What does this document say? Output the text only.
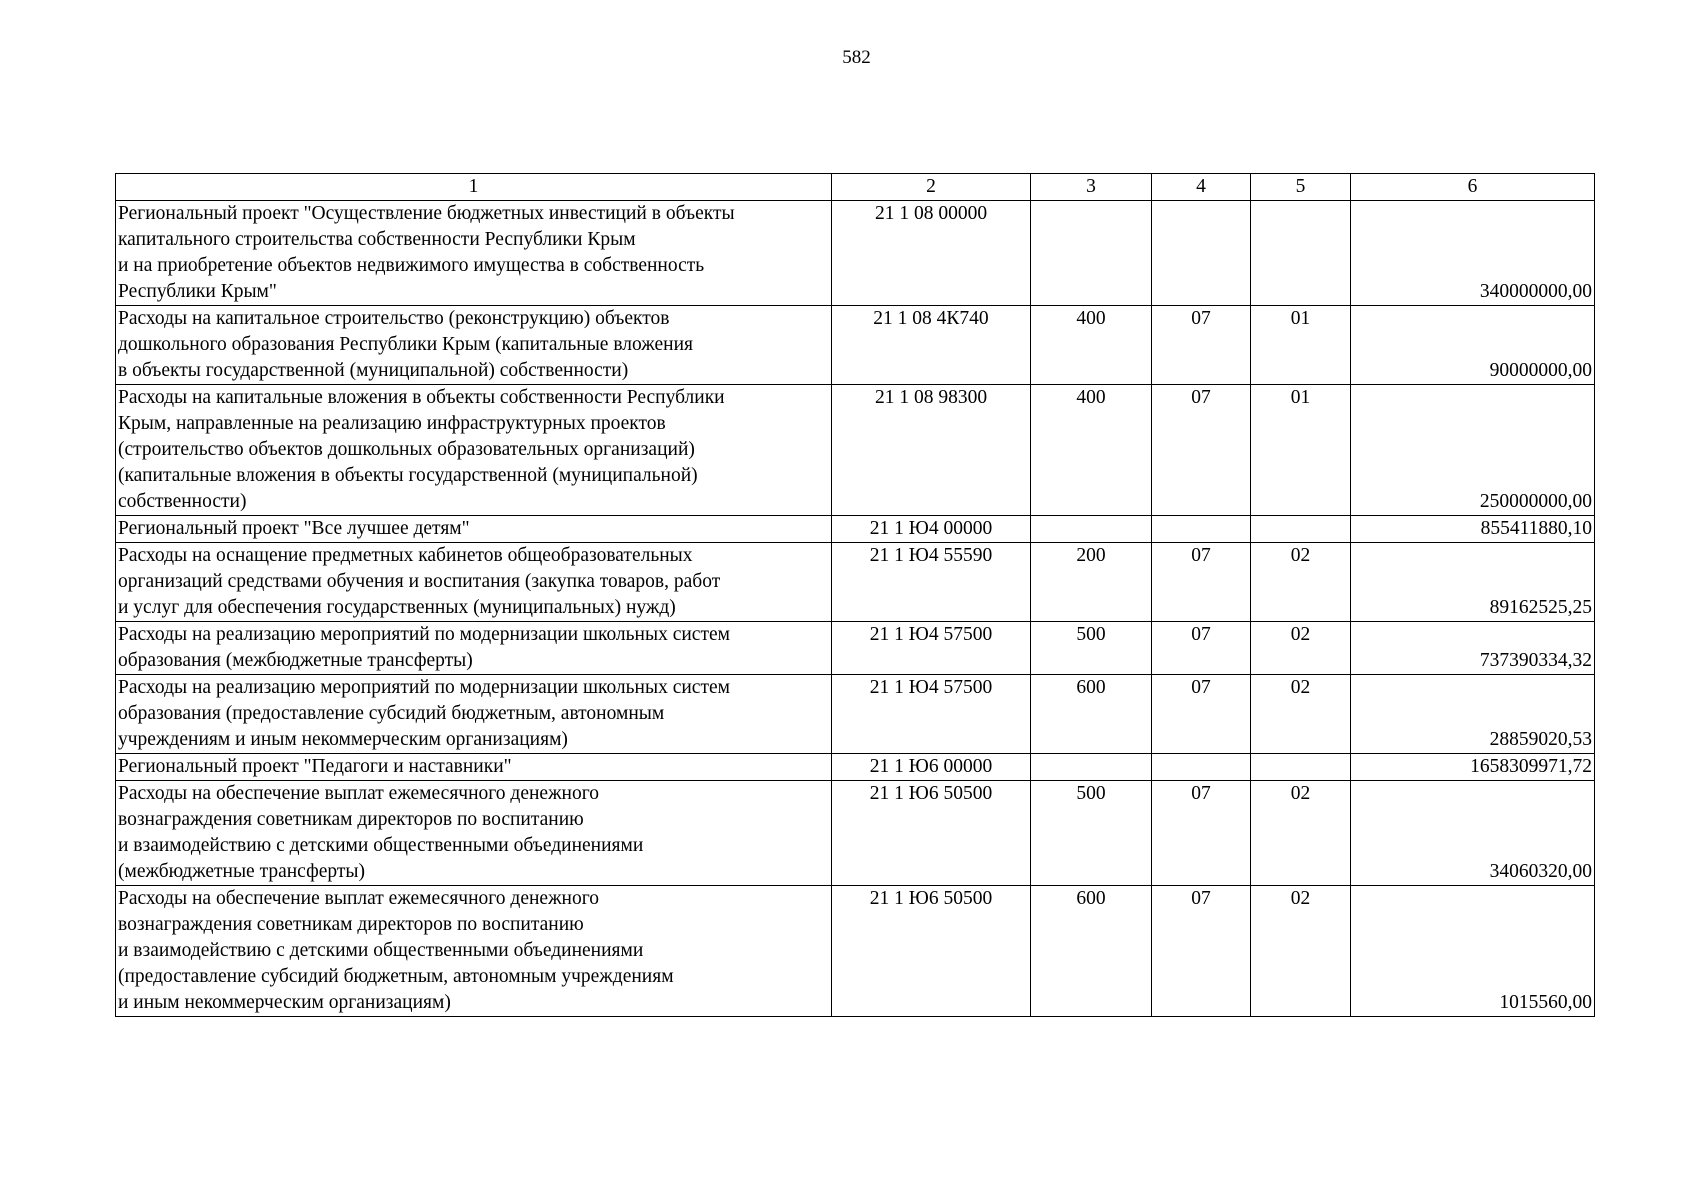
582
1	2	3	4	5	6

Региональный проект "Осуществление бюджетных инвестиций в объекты
капитального строительства собственности Республики Крым
и на приобретение объектов недвижимого имущества в собственность
Республики Крым"	21 1 08 00000				340000000,00

Расходы на капитальное строительство (реконструкцию) объектов
дошкольного образования Республики Крым (капитальные вложения
в объекты государственной (муниципальной) собственности)	21 1 08 4К740	400	07	01	90000000,00

Расходы на капитальные вложения в объекты собственности Республики
Крым, направленные на реализацию инфраструктурных проектов
(строительство объектов дошкольных образовательных организаций)
(капитальные вложения в объекты государственной (муниципальной)
собственности)	21 1 08 98300	400	07	01	250000000,00

Региональный проект "Все лучшее детям"	21 1 Ю4 00000				855411880,10

Расходы на оснащение предметных кабинетов общеобразовательных
организаций средствами обучения и воспитания (закупка товаров, работ
и услуг для обеспечения государственных (муниципальных) нужд)	21 1 Ю4 55590	200	07	02	89162525,25

Расходы на реализацию мероприятий по модернизации школьных систем
образования (межбюджетные трансферты)	21 1 Ю4 57500	500	07	02	737390334,32

Расходы на реализацию мероприятий по модернизации школьных систем
образования (предоставление субсидий бюджетным, автономным
учреждениям и иным некоммерческим организациям)	21 1 Ю4 57500	600	07	02	28859020,53

Региональный проект "Педагоги и наставники"	21 1 Ю6 00000				1658309971,72

Расходы на обеспечение выплат ежемесячного денежного
вознаграждения советникам директоров по воспитанию
и взаимодействию с детскими общественными объединениями
(межбюджетные трансферты)	21 1 Ю6 50500	500	07	02	34060320,00

Расходы на обеспечение выплат ежемесячного денежного
вознаграждения советникам директоров по воспитанию
и взаимодействию с детскими общественными объединениями
(предоставление субсидий бюджетным, автономным учреждениям
и иным некоммерческим организациям)	21 1 Ю6 50500	600	07	02	1015560,00
